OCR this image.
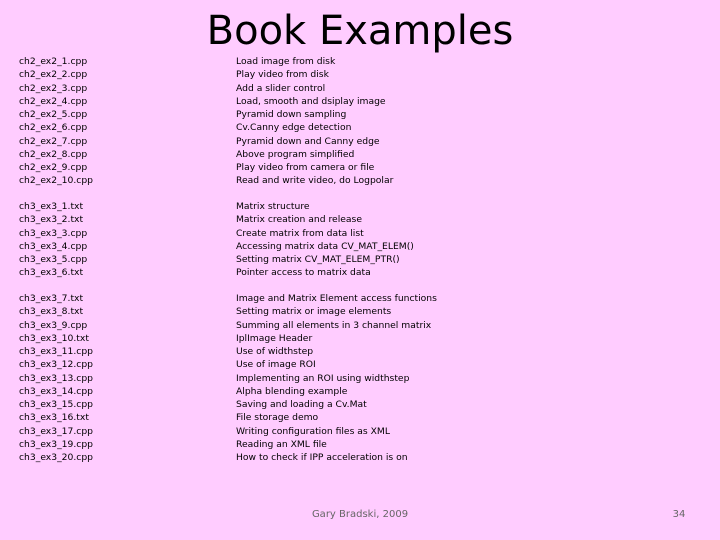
Book Examples
ch2_ex2_1.cpp
ch2_ex2_2.cpp
ch2_ex2_3.cpp
ch2_ex2_4.cpp
ch2_ex2_5.cpp
ch2_ex2_6.cpp
ch2_ex2_7.cpp
ch2_ex2_8.cpp
ch2_ex2_9.cpp
ch2_ex2_10.cpp
Load image from disk
Play video from disk
Add a slider control
Load, smooth and dsiplay image
Pyramid down sampling
Cv.Canny edge detection
Pyramid down and Canny edge
Above program simplified
Play video from camera or file
Read and write video, do Logpolar
ch3_ex3_1.txt
ch3_ex3_2.txt
ch3_ex3_3.cpp
ch3_ex3_4.cpp
ch3_ex3_5.cpp
ch3_ex3_6.txt
Matrix structure
Matrix creation and release
Create matrix from data list
Accessing matrix data CV_MAT_ELEM()
Setting matrix CV_MAT_ELEM_PTR()
Pointer access to matrix data
ch3_ex3_7.txt
ch3_ex3_8.txt
ch3_ex3_9.cpp
ch3_ex3_10.txt
ch3_ex3_11.cpp
ch3_ex3_12.cpp
ch3_ex3_13.cpp
ch3_ex3_14.cpp
ch3_ex3_15.cpp
ch3_ex3_16.txt
ch3_ex3_17.cpp
ch3_ex3_19.cpp
ch3_ex3_20.cpp
Image and Matrix Element access functions
Setting matrix or image elements
Summing all elements in 3 channel matrix
IplImage Header
Use of widthstep
Use of image ROI
Implementing an ROI using widthstep
Alpha blending example
Saving and loading a Cv.Mat
File storage demo
Writing configuration files as XML
Reading an XML file
How to check if IPP acceleration is on
Gary Bradski, 2009	34
